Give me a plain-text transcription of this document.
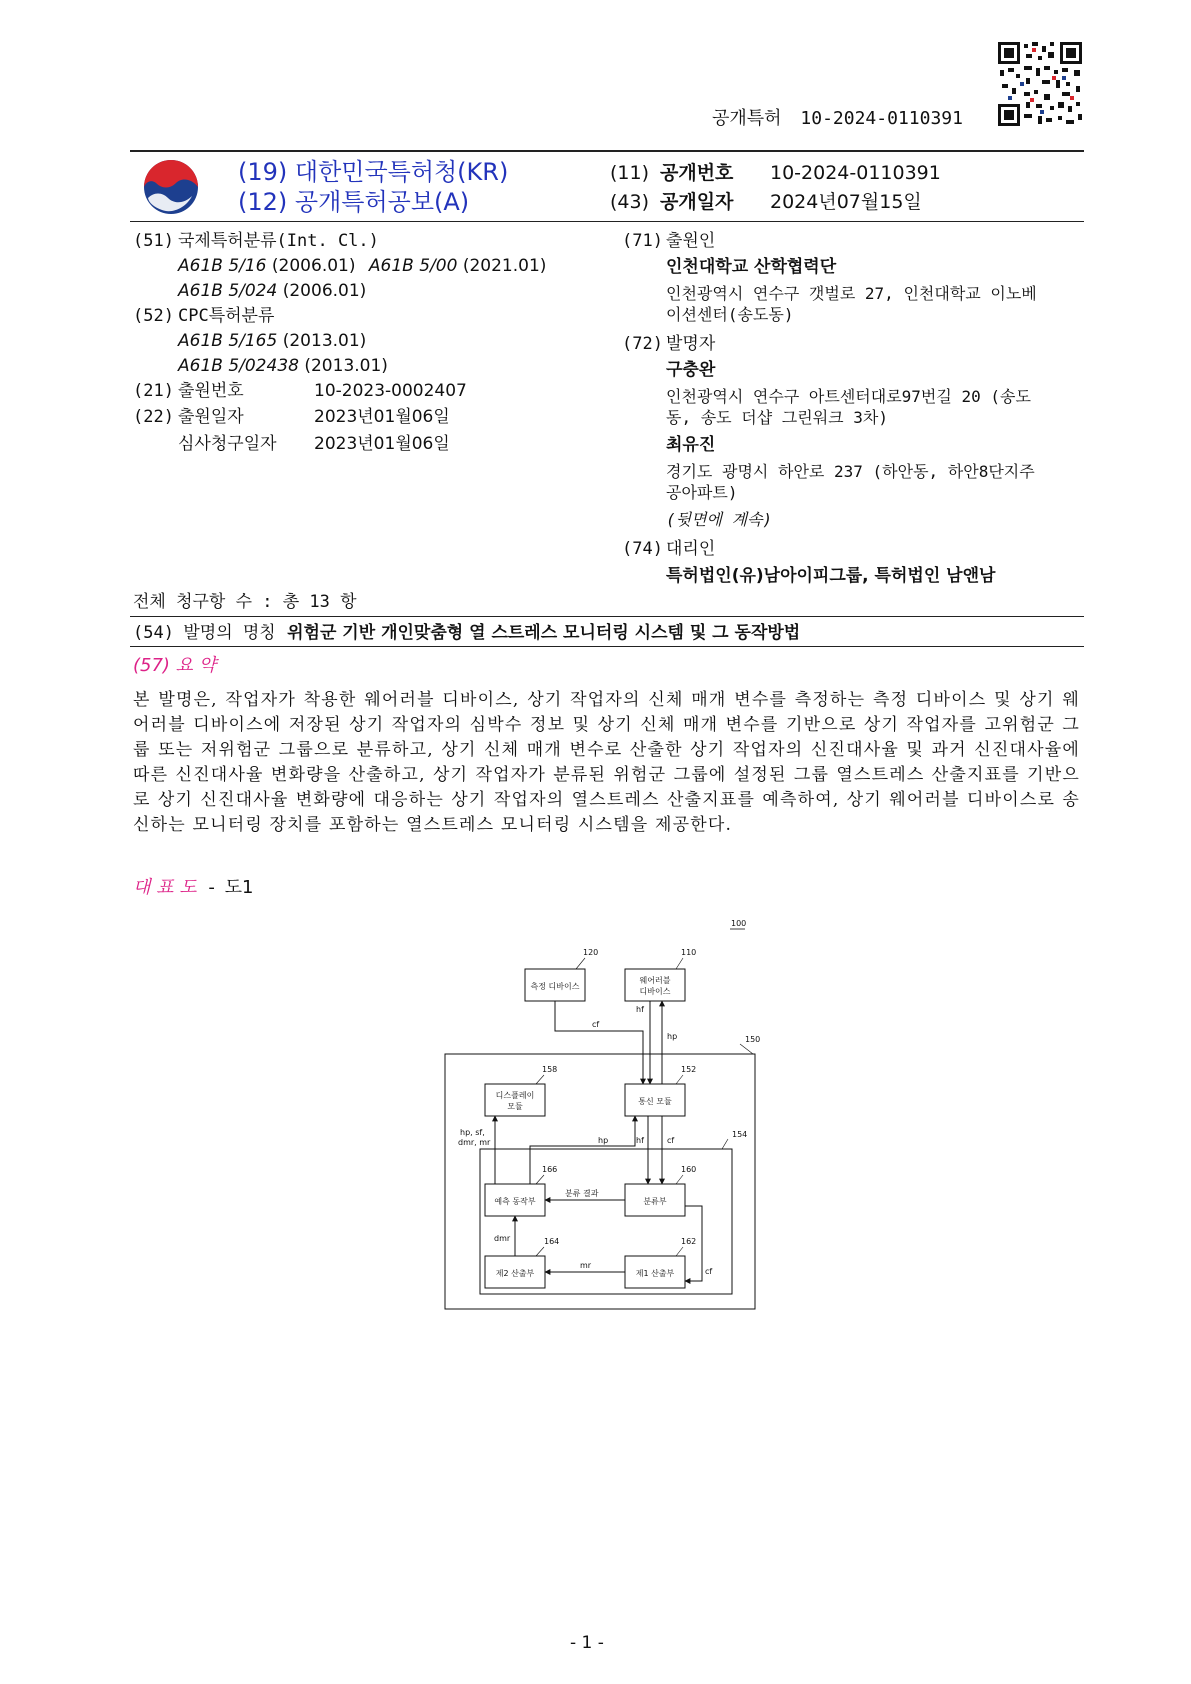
공개특허 10-2024-0110391
(19) 대한민국특허청(KR)
(12) 공개특허공보(A)
(11) 공개번호 10-2024-0110391
(43) 공개일자 2024년07월15일
(51) 국제특허분류(Int. Cl.)
A61B 5/16 (2006.01) A61B 5/00 (2021.01)
A61B 5/024 (2006.01)
(52) CPC특허분류
A61B 5/165 (2013.01)
A61B 5/02438 (2013.01)
(21) 출원번호	10-2023-0002407
(22) 출원일자	2023년01월06일
심사청구일자 2023년01월06일
(71) 출원인
인천대학교 산학협력단
인천광역시 연수구 갯벌로 27, 인천대학교 이노베
이션센터(송도동)
(72) 발명자
구충완
인천광역시 연수구 아트센터대로97번길 20 (송도
동, 송도 더샵 그린워크 3차)
최유진
경기도 광명시 하안로 237 (하안동, 하안8단지주
공아파트)
(뒷면에 계속)
(74) 대리인
특허법인(유)남아이피그룹, 특허법인 남앤남
전체 청구항 수 : 총 13 항
(54) 발명의 명칭 위험군 기반 개인맞춤형 열 스트레스 모니터링 시스템 및 그 동작방법
(57) 요 약
본 발명은, 작업자가 착용한 웨어러블 디바이스, 상기 작업자의 신체 매개 변수를 측정하는 측정 디바이스 및 상기 웨어러블 디바이스에 저장된 상기 작업자의 심박수 정보 및 상기 신체 매개 변수를 기반으로 상기 작업자를 고위험군 그룹 또는 저위험군 그룹으로 분류하고, 상기 신체 매개 변수로 산출한 상기 작업자의 신진대사율 및 과거 신진대사율에 따른 신진대사율 변화량을 산출하고, 상기 작업자가 분류된 위험군 그룹에 설정된 그룹 열스트레스 산출지표를 기반으로 상기 신진대사율 변화량에 대응하는 상기 작업자의 열스트레스 산출지표를 예측하여, 상기 웨어러블 디바이스로 송신하는 모니터링 장치를 포함하는 열스트레스 모니터링 시스템을 제공한다.
대 표 도 - 도1
100
150
154
측정 디바이스
120
웨어러블
디바이스
110
디스플레이
모듈
158
통신 모듈
152
예측 동작부
166
분류부
160
제2 산출부
164
제1 산출부
162
cf
hf
hp
hp	hf	cf
hp, sf,
dmr, mr
분류 결과
dmr
mr
cf
- 1 -
